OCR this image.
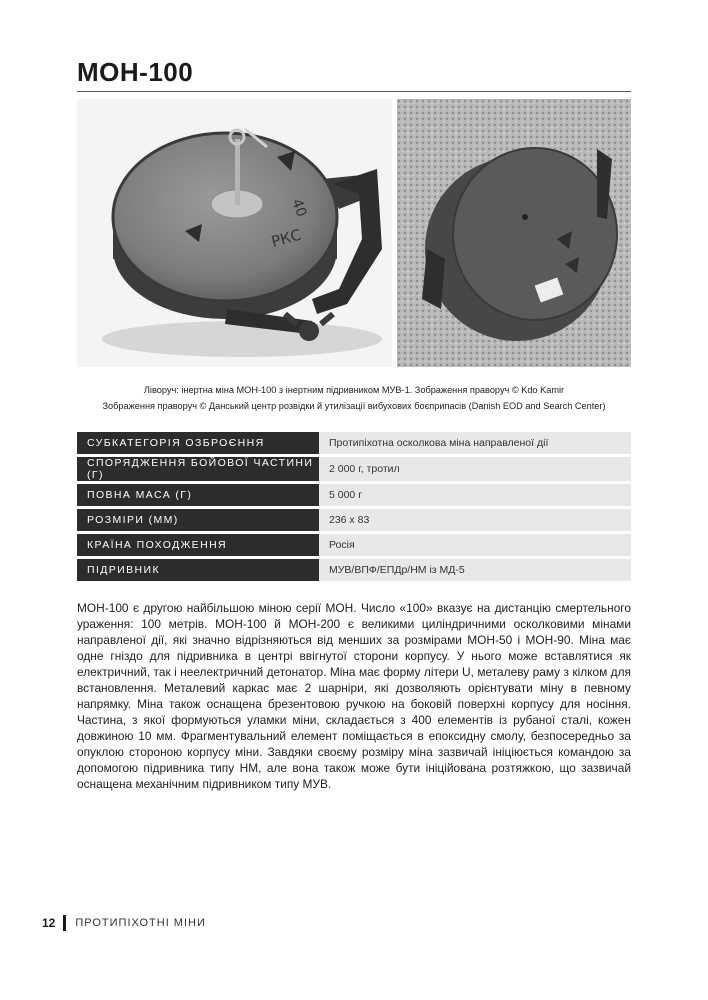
МОН-100
40
РКС
Ліворуч: інертна міна МОН-100 з інертним підривником МУВ-1. Зображення праворуч © Kdo Kamir
Зображення праворуч © Данський центр розвідки й утилізації вибухових боєприпасів (Danish EOD and Search Center)
СУБКАТЕГОРІЯ ОЗБРОЄННЯ	Протипіхотна осколкова міна направленої дії
СПОРЯДЖЕННЯ БОЙОВОЇ ЧАСТИНИ (Г)	2 000 г, тротил
ПОВНА МАСА (Г)	5 000 г
РОЗМІРИ (ММ)	236 x 83
КРАЇНА ПОХОДЖЕННЯ	Росія
ПІДРИВНИК	МУВ/ВПФ/ЕПДр/НМ із МД-5

МОН-100 є другою найбільшою міною серії МОН. Число «100» вказує на дистанцію смертельного ураження: 100 метрів. МОН-100 й МОН-200 є великими циліндричними осколковими мінами направленої дії, які значно відрізняються від менших за розмірами МОН-50 і МОН-90. Міна має одне гніздо для підривника в центрі ввігнутої сторони корпусу. У нього може вставлятися як електричний, так і неелектричний детонатор. Міна має форму літери U, металеву раму з кілком для встановлення. Металевий каркас має 2 шарніри, які дозволяють орієнтувати міну в певному напрямку. Міна також оснащена брезентовою ручкою на боковій поверхні корпусу для носіння. Частина, з якої формуються уламки міни, складається з 400 елементів із рубаної сталі, кожен довжиною 10 мм. Фрагментувальний елемент поміщається в епоксидну смолу, безпосередньо за опуклою стороною корпусу міни. Завдяки своєму розміру міна зазвичай ініціюється командою за допомогою підривника типу НМ, але вона також може бути ініційована розтяжкою, що зазвичай оснащена механічним підривником типу МУВ.

12 ПРОТИПІХОТНІ МІНИ
